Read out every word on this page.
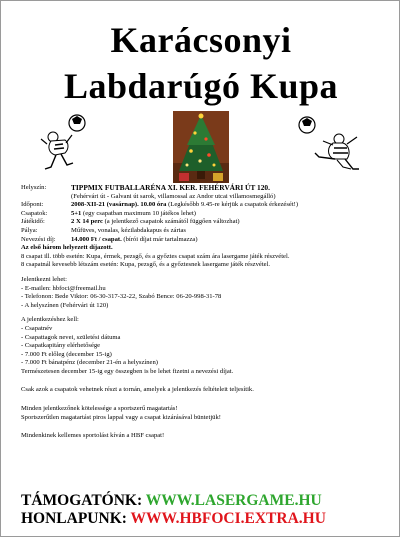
Karácsonyi
Labdarúgó Kupa
Helyszín:	TIPPMIX FUTBALLARÉNA XI. KER. FEHÉRVÁRI ÚT 120.
(Fehérvári út - Galvani út sarok, villamossal az Andor utcai villamosmegálló)
Időpont:	2008-XII-21 (vasárnap). 10.00 óra (Legkésőbb 9.45-re kérjük a csapatok érkezését!)
Csapatok:	5+1 (egy csapatban maximum 10 játékos lehet)
Játékidő:	2 X 14 perc (a jelentkező csapatok számától függően változhat)
Pálya:	Műfüves, vonalas, kézilabdakapus és zártas
Nevezési díj:	14.000 Ft / csapat. (bírói díjat már tartalmazza)
Az első három helyezett díjazott.
8 csapat ill. több esetén: Kupa, érmek, pezsgő, és a győztes csapat szám ára lasergame játék részvétel.
8 csapatnál kevesebb létszám esetén: Kupa, pezsgő, és a győztesnek lasergame játék részvétel.
Jelentkezni lehet:
- E-mailen: hbfoci@freemail.hu
- Telefonon: Bede Viktor: 06-30-317-32-22, Szabó Bence: 06-20-998-31-78
- A helyszínen (Fehérvári út 120)
A jelentkezéshez kell:
- Csapatnév
- Csapattagok nevei, születési dátuma
- Csapatkapitány elérhetősége
- 7.000 Ft előleg (december 15-ig)
- 7.000 Ft bánatpénz (december 21-én a helyszínen)
Természetesen december 15-ig egy összegben is be lehet fizetni a nevezési díjat.
Csak azok a csapatok vehetnek részt a tornán, amelyek a jelentkezés feltételeit teljesítik.
Minden jelentkezőnek kötelessége a sportszerű magatartás!
Sportszerűtlen magatartást piros lappal vagy a csapat kizárásával büntetjük!
Mindenkinek kellemes sportolást kíván a HBF csapat!
TÁMOGATÓNK: WWW.LASERGAME.HU
HONLAPUNK: WWW.HBFOCI.EXTRA.HU
